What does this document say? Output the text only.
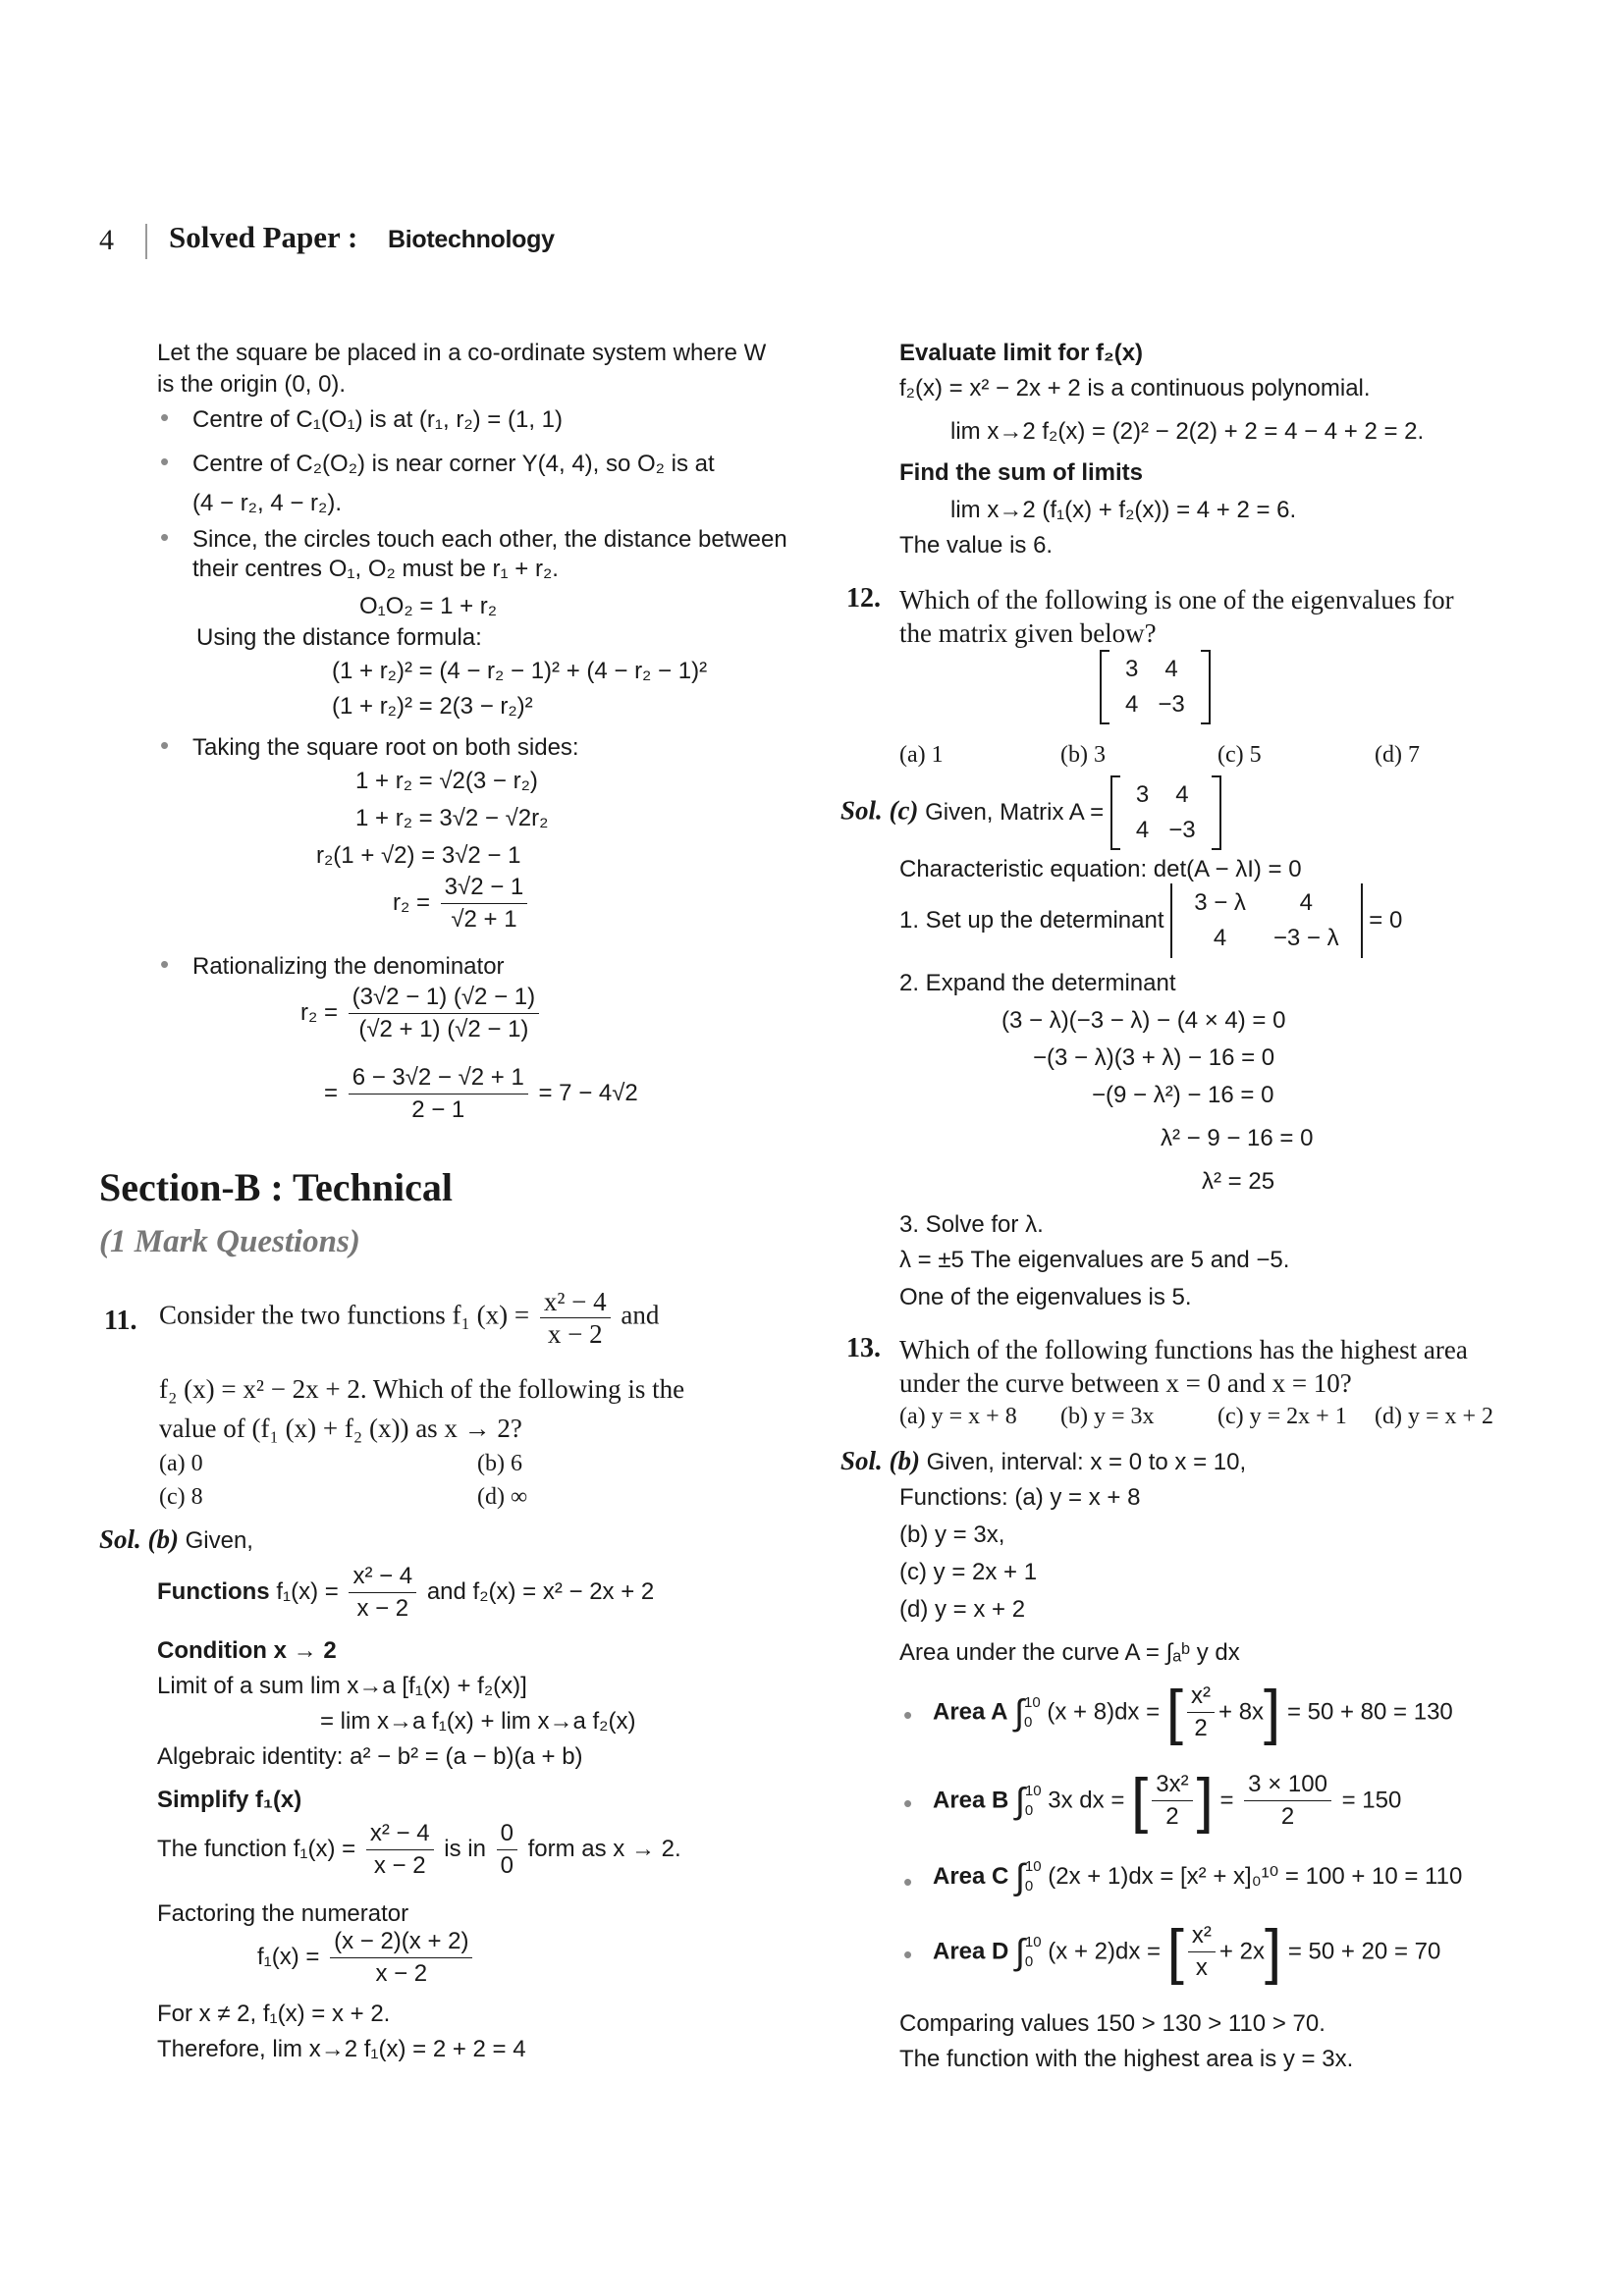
4 Solved Paper : Biotechnology
Let the square be placed in a co-ordinate system where W
is the origin (0, 0).
• Centre of C₁(O₁) is at (r₁, r₂) = (1, 1)
• Centre of C₂(O₂) is near corner Y(4, 4), so O₂ is at
(4 − r₂, 4 − r₂).
• Since, the circles touch each other, the distance between
their centres O₁, O₂ must be r₁ + r₂.
O₁O₂ = 1 + r₂
Using the distance formula:
(1 + r₂)² = (4 − r₂ − 1)² + (4 − r₂ − 1)²
(1 + r₂)² = 2(3 − r₂)²
• Taking the square root on both sides:
1 + r₂ = √2(3 − r₂)
1 + r₂ = 3√2 − √2r₂
r₂(1 + √2) = 3√2 − 1
$r_2 = \frac{3√2 - 1}{√2 + 1}$
• Rationalizing the denominator
$r_2 = \frac{(3√2 - 1) (√2 - 1)}{(√2 + 1) (√2 - 1)}$
= $\frac{6 - 3√2 - √2 + 1}{2 - 1} = 7 - 4√2$
Section-B : Technical
(1 Mark Questions)
11. Consider the two functions f₁ $(x) = \frac{\text{x² − 4}}{x - 2}$ and
f₂ (x) = x² − 2x + 2. Which of the following is the
value of (f₁ (x) + f₂ (x)) as x → 2?
(a) 0	(b) 6
(c) 8	(d) ∞
Sol. (b) Given,
Functions $f_1(x) = \frac{\text{x² − 4}}{x - 2}$ and f₂(x) = x² − 2x + 2
Condition x → 2
Limit of a sum lim x→a [f₁(x) + f₂(x)]
= lim x→a f₁(x) + lim x→a f₂(x)
Algebraic identity: a² − b² = (a − b)(a + b)
Simplify f₁(x)
The function $f_1(x) = \frac{\text{x² − 4}}{x - 2}$ is in $\frac{0}{0}$ form as x → 2.
Factoring the numerator
$f_1(x) = \frac{(x - 2)(x + 2)}{x - 2}$
For x ≠ 2, f₁(x) = x + 2.
Therefore, lim x→2 f₁(x) = 2 + 2 = 4
Evaluate limit for f₂(x)
f₂(x) = x² − 2x + 2 is a continuous polynomial.
lim x→2 f₂(x) = (2)² − 2(2) + 2 = 4 − 4 + 2 = 2.
Find the sum of limits
lim x→2 (f₁(x) + f₂(x)) = 4 + 2 = 6.
The value is 6.
12. Which of the following is one of the eigenvalues for
the matrix given below?
3	4
4	−3
(a) 1	(b) 3	(c) 5	(d) 7
Sol. (c) Given, Matrix A =
3	4
4	−3
Characteristic equation: det(A − λI) = 0
1. Set up the determinant
3 − λ	4
4	−3 − λ
= 0
2. Expand the determinant
(3 − λ)(−3 − λ) − (4 × 4) = 0
−(3 − λ)(3 + λ) − 16 = 0
−(9 − λ²) − 16 = 0
λ² − 9 − 16 = 0
λ² = 25
3. Solve for λ.
λ = ±5 The eigenvalues are 5 and −5.
One of the eigenvalues is 5.
13. Which of the following functions has the highest area
under the curve between x = 0 and x = 10?
(a) y = x + 8 (b) y = 3x	(c) y = 2x + 1 (d) y = x + 2
Sol. (b) Given, interval: x = 0 to x = 10,
Functions: (a) y = x + 8
(b) y = 3x,
(c) y = 2x + 1
(d) y = x + 2
Area under the curve A = ∫ₐᵇ y dx
• Area A ∫ 10
0 (x + 8)dx = [ $\frac{\text{x²}}{2} + 8x] = 50 + 80 = 130$
• Area B ∫ 10
0 3x dx = [ $\frac{\text{3x²}}{2}$ ] = $\frac{3 \times 100}{2} = 150$
• Area C ∫ 10
0 (2x + 1)dx = [x² + x]₀¹⁰ = 100 + 10 = 110
• Area D ∫ 10
0 (x + 2)dx = [ $\frac{\text{x²}}{x} + 2x] = 50 + 20 = 70$
Comparing values 150 > 130 > 110 > 70.
The function with the highest area is y = 3x.
